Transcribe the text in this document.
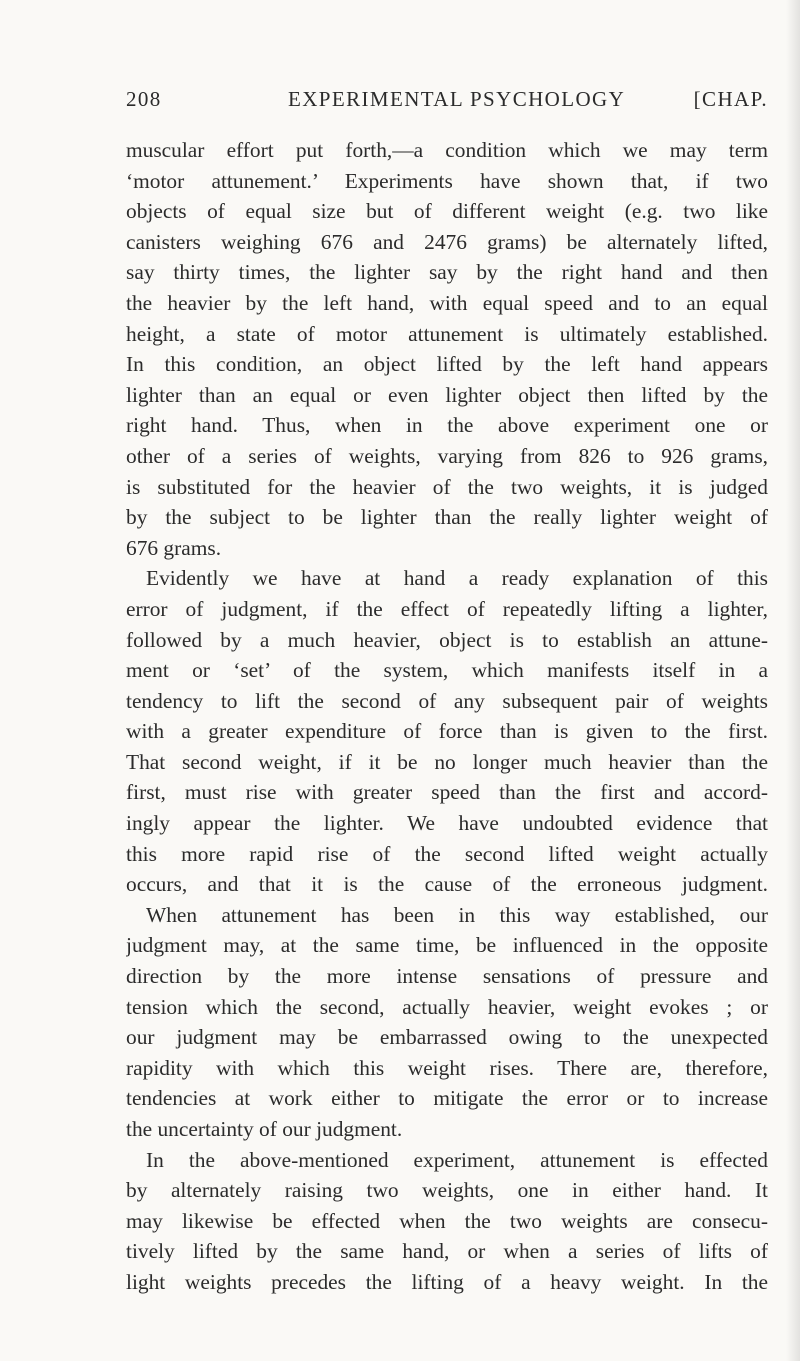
208	EXPERIMENTAL PSYCHOLOGY	[CHAP.
muscular effort put forth,—a condition which we may term
‘motor attunement.’ Experiments have shown that, if two
objects of equal size but of different weight (e.g. two like
canisters weighing 676 and 2476 grams) be alternately lifted,
say thirty times, the lighter say by the right hand and then
the heavier by the left hand, with equal speed and to an equal
height, a state of motor attunement is ultimately established.
In this condition, an object lifted by the left hand appears
lighter than an equal or even lighter object then lifted by the
right hand. Thus, when in the above experiment one or
other of a series of weights, varying from 826 to 926 grams,
is substituted for the heavier of the two weights, it is judged
by the subject to be lighter than the really lighter weight of
676 grams.
Evidently we have at hand a ready explanation of this
error of judgment, if the effect of repeatedly lifting a lighter,
followed by a much heavier, object is to establish an attune-
ment or ‘set’ of the system, which manifests itself in a
tendency to lift the second of any subsequent pair of weights
with a greater expenditure of force than is given to the first.
That second weight, if it be no longer much heavier than the
first, must rise with greater speed than the first and accord-
ingly appear the lighter. We have undoubted evidence that
this more rapid rise of the second lifted weight actually
occurs, and that it is the cause of the erroneous judgment.
When attunement has been in this way established, our
judgment may, at the same time, be influenced in the opposite
direction by the more intense sensations of pressure and
tension which the second, actually heavier, weight evokes ; or
our judgment may be embarrassed owing to the unexpected
rapidity with which this weight rises. There are, therefore,
tendencies at work either to mitigate the error or to increase
the uncertainty of our judgment.
In the above-mentioned experiment, attunement is effected
by alternately raising two weights, one in either hand. It
may likewise be effected when the two weights are consecu-
tively lifted by the same hand, or when a series of lifts of
light weights precedes the lifting of a heavy weight. In the
